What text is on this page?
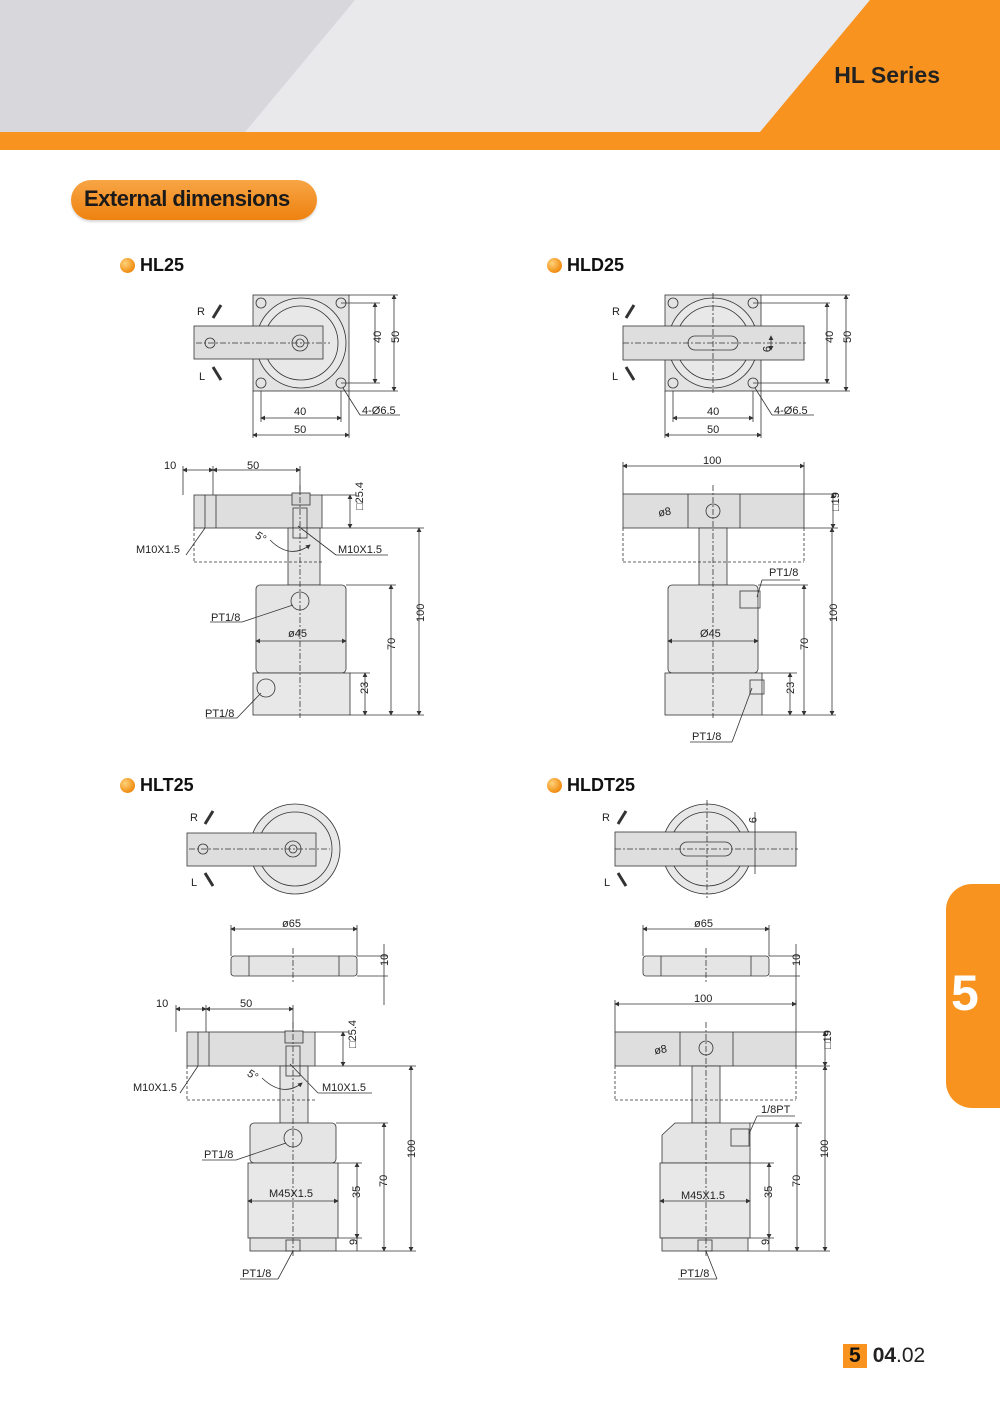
HL Series
External dimensions
HL25	HLD25
HLT25	HLDT25
R
L
40 50
40
50
4-Ø6.5
10	50
□25.4
M10X1.5
5°
M10X1.5
PT1/8
ø45
100
70
23
PT1/8
R
L
9
40 50
40
50
4-Ø6.5
100
ø8
□19
PT1/8
Ø45
100
70
23
PT1/8
R
L
ø65
10
10	50
□25.4
M10X1.5
5°
M10X1.5
PT1/8
M45X1.5
100
70
35
9
PT1/8
R
L
9
ø65
10
100
ø8
□19
1/8PT
M45X1.5
100
70
35
9
PT1/8
5
5 04.02
